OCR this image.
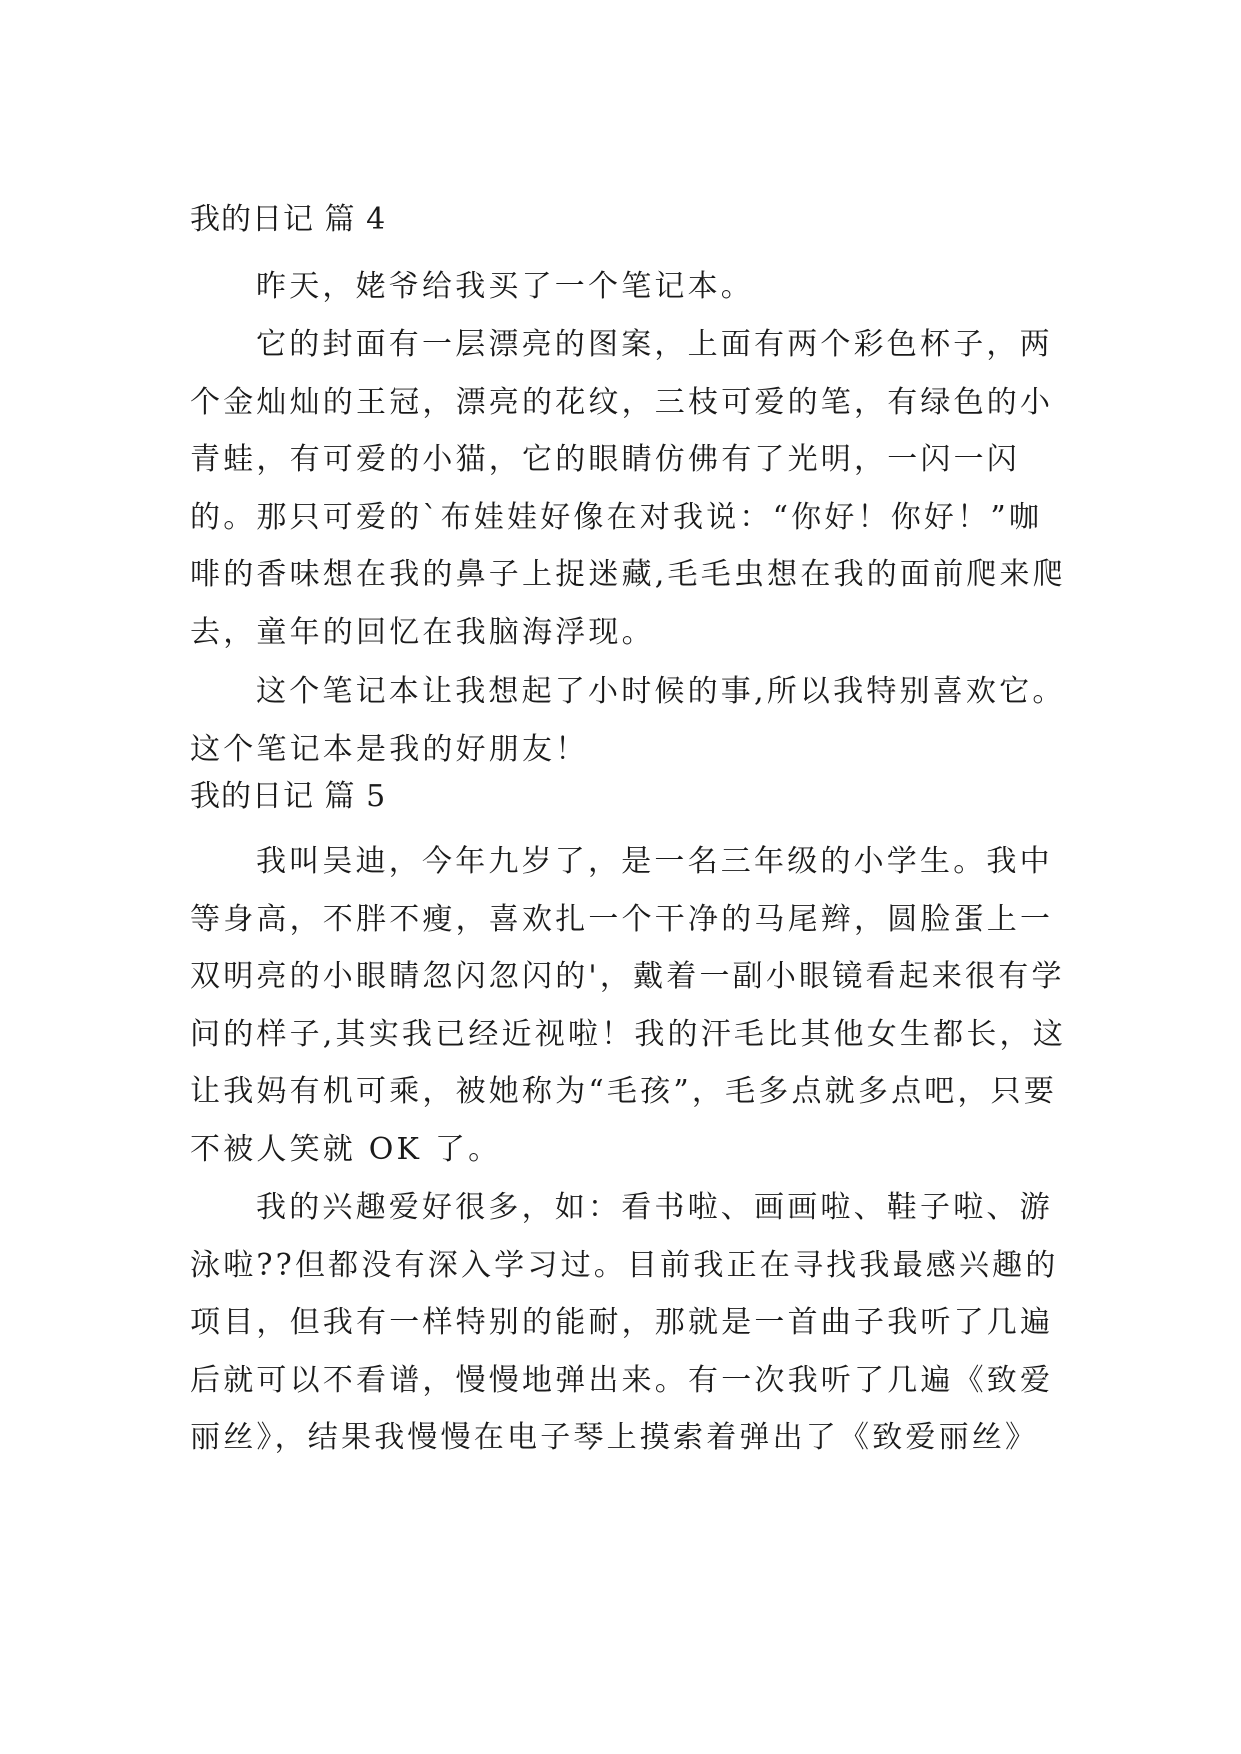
我的日记 篇 4

昨天，姥爷给我买了一个笔记本。

它的封面有一层漂亮的图案，上面有两个彩色杯子，两个金灿灿的王冠，漂亮的花纹，三枝可爱的笔，有绿色的小青蛙，有可爱的小猫，它的眼睛仿佛有了光明，一闪一闪的。那只可爱的`布娃娃好像在对我说：“你好！你好！”咖啡的香味想在我的鼻子上捉迷藏,毛毛虫想在我的面前爬来爬去，童年的回忆在我脑海浮现。

这个笔记本让我想起了小时候的事,所以我特别喜欢它。这个笔记本是我的好朋友！

我的日记 篇 5

我叫吴迪，今年九岁了，是一名三年级的小学生。我中等身高，不胖不瘦，喜欢扎一个干净的马尾辫，圆脸蛋上一双明亮的小眼睛忽闪忽闪的'，戴着一副小眼镜看起来很有学问的样子,其实我已经近视啦！我的汗毛比其他女生都长，这让我妈有机可乘，被她称为“毛孩”，毛多点就多点吧，只要不被人笑就 OK 了。

我的兴趣爱好很多，如：看书啦、画画啦、鞋子啦、游泳啦??但都没有深入学习过。目前我正在寻找我最感兴趣的项目，但我有一样特别的能耐，那就是一首曲子我听了几遍后就可以不看谱，慢慢地弹出来。有一次我听了几遍《致爱丽丝》，结果我慢慢在电子琴上摸索着弹出了《致爱丽丝》
